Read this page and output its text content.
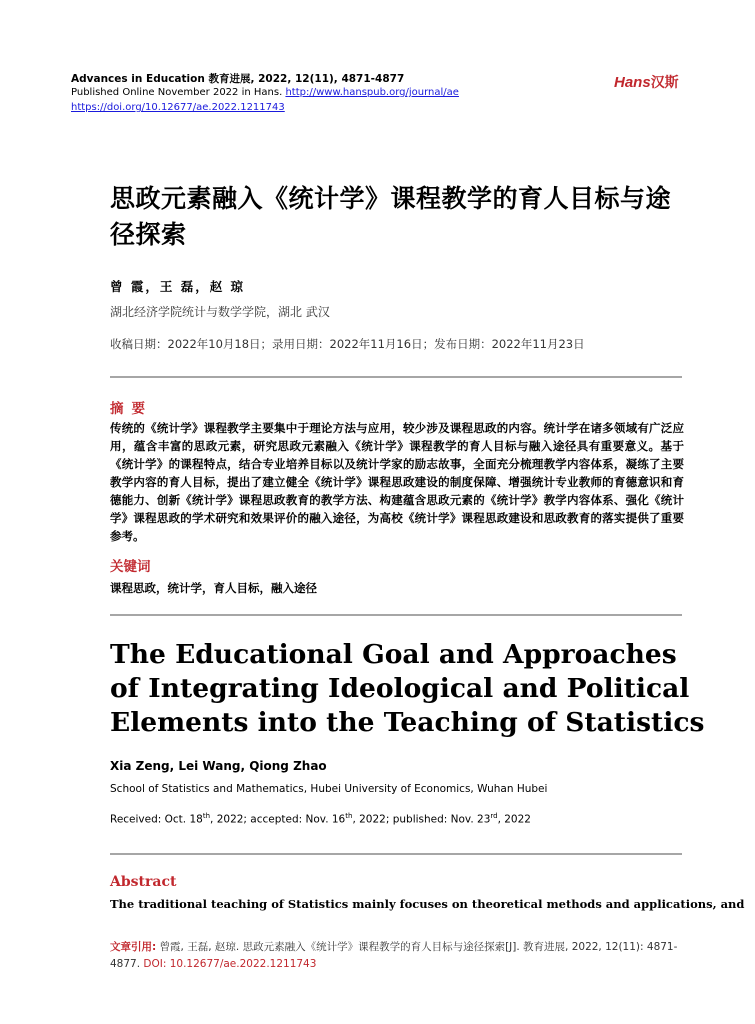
Advances in Education 教育进展, 2022, 12(11), 4871-4877
Published Online November 2022 in Hans. http://www.hanspub.org/journal/ae
https://doi.org/10.12677/ae.2022.1211743
Hans汉斯
思政元素融入《统计学》课程教学的育人目标与途径探索
曾 霞，王 磊，赵 琼
湖北经济学院统计与数学学院，湖北 武汉
收稿日期：2022年10月18日；录用日期：2022年11月16日；发布日期：2022年11月23日
摘要
传统的《统计学》课程教学主要集中于理论方法与应用，较少涉及课程思政的内容。统计学在诸多领域有广泛应用，蕴含丰富的思政元素，研究思政元素融入《统计学》课程教学的育人目标与融入途径具有重要意义。基于《统计学》的课程特点，结合专业培养目标以及统计学家的励志故事，全面充分梳理教学内容体系，凝练了主要教学内容的育人目标，提出了建立健全《统计学》课程思政建设的制度保障、增强统计专业教师的育德意识和育德能力、创新《统计学》课程思政教育的教学方法、构建蕴含思政元素的《统计学》教学内容体系、强化《统计学》课程思政的学术研究和效果评价的融入途径，为高校《统计学》课程思政建设和思政教育的落实提供了重要参考。
关键词
课程思政，统计学，育人目标，融入途径
The Educational Goal and Approaches of Integrating Ideological and Political Elements into the Teaching of Statistics
Xia Zeng, Lei Wang, Qiong Zhao
School of Statistics and Mathematics, Hubei University of Economics, Wuhan Hubei
Received: Oct. 18th, 2022; accepted: Nov. 16th, 2022; published: Nov. 23rd, 2022
Abstract
The traditional teaching of Statistics mainly focuses on theoretical methods and applications, and
文章引用: 曾霞, 王磊, 赵琼. 思政元素融入《统计学》课程教学的育人目标与途径探索[J]. 教育进展, 2022, 12(11): 4871-4877. DOI: 10.12677/ae.2022.1211743
